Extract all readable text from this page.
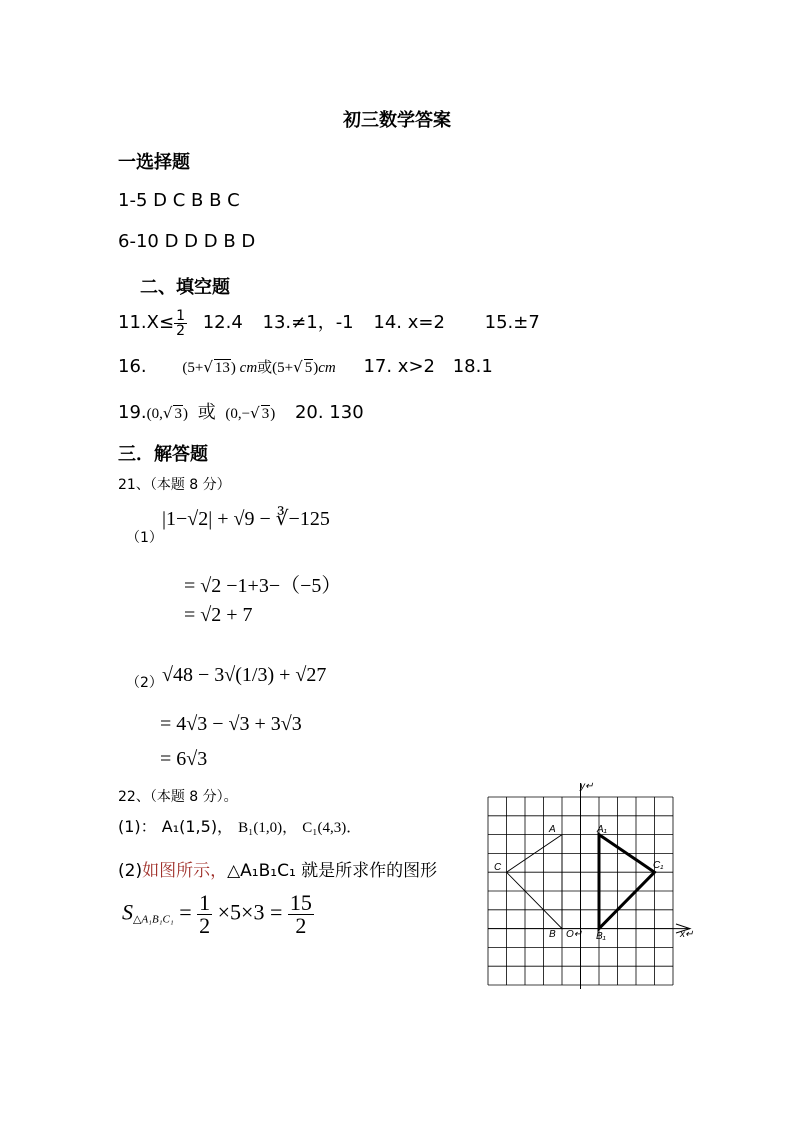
初三数学答案
一选择题
1-5 D C B B C
6-10 D D D B D
二、填空题
$11.X\le \frac{1}{2} 12.4$ 13.≠1，-1 14. x=2 15.±7
16. (5+√ 13) cm或(5+√ 5)cm 17. x>2 18.1
19.(0,√ 3) 或 (0,−√ 3) 20. 130
三．解答题
21、（本题 8 分）
（1）
|1−√2| + √9 − ∛−125
= √2 −1+3−（−5）
= √2 + 7
（2） √48 − 3√(1/3) + √27
= 4√3 − √3 + 3√3
= 6√3
22、（本题 8 分）。
(1)： A₁(1,5)， B₁(1,0)， C₁(4,3)．
(2)如图所示，△A₁B₁C₁ 就是所求作的图形
$S_{\triangle A_1B_1C_1} = \frac{1}{2} \times 5\times 3 = \frac{15}{2}$
y↵
x↵
O↵
A
B
C
A₁
B₁
C₁
